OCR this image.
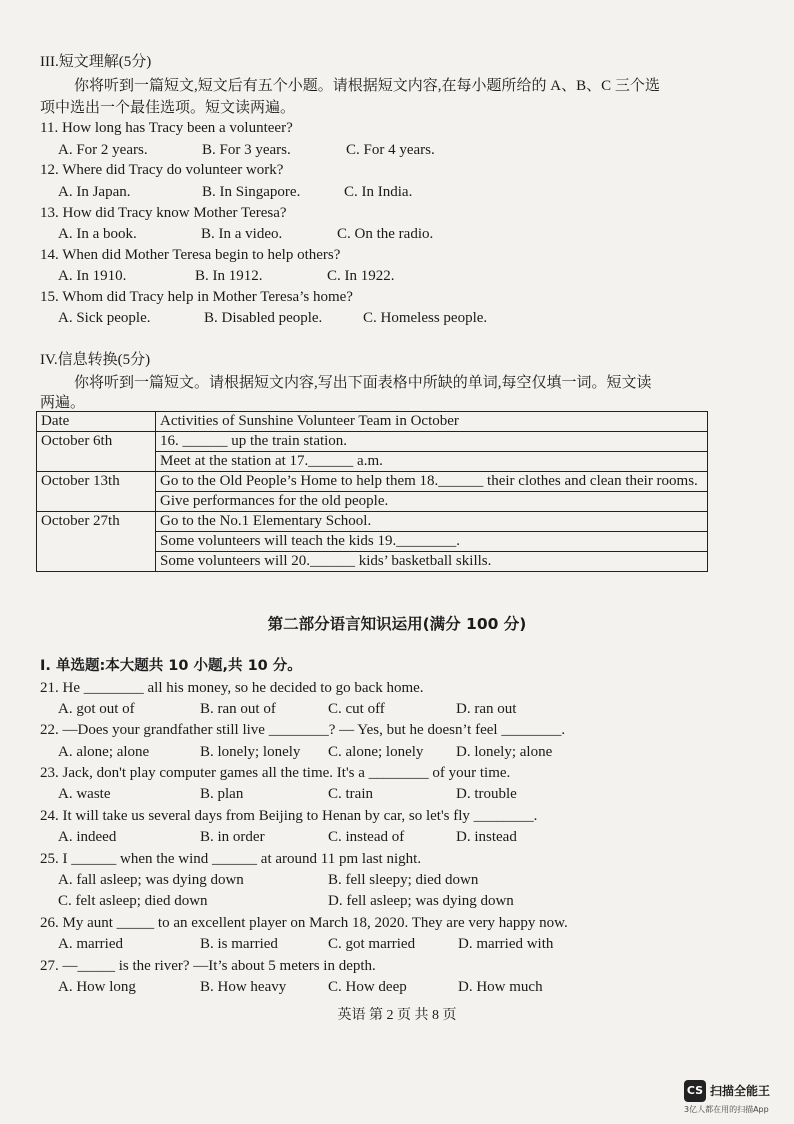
III.短文理解(5分)
你将听到一篇短文,短文后有五个小题。请根据短文内容,在每小题所给的 A、B、C 三个选
项中选出一个最佳选项。短文读两遍。
11. How long has Tracy been a volunteer?
A. For 2 years.	B. For 3 years.	C. For 4 years.
12. Where did Tracy do volunteer work?
A. In Japan.	B. In Singapore.	C. In India.
13. How did Tracy know Mother Teresa?
A. In a book.	B. In a video.	C. On the radio.
14. When did Mother Teresa begin to help others?
A. In 1910.	B. In 1912.	C. In 1922.
15. Whom did Tracy help in Mother Teresa’s home?
A. Sick people.	B. Disabled people.	C. Homeless people.
IV.信息转换(5分)
你将听到一篇短文。请根据短文内容,写出下面表格中所缺的单词,每空仅填一词。短文读
两遍。
Date	Activities of Sunshine Volunteer Team in October
October 6th	16. ______ up the train station.
	Meet at the station at 17.______ a.m.
October 13th	Go to the Old People’s Home to help them 18.______ their clothes and clean their rooms.
	Give performances for the old people.
October 27th	Go to the No.1 Elementary School.
	Some volunteers will teach the kids 19.________.
	Some volunteers will 20.______ kids’ basketball skills.
第二部分语言知识运用(满分 100 分)
I. 单选题:本大题共 10 小题,共 10 分。
21. He ________ all his money, so he decided to go back home.
A. got out of	B. ran out of	C. cut off	D. ran out
22. —Does your grandfather still live ________? — Yes, but he doesn’t feel ________.
A. alone; alone	B. lonely; lonely C. alone; lonely D. lonely; alone
23. Jack, don't play computer games all the time. It's a ________ of your time.
A. waste	B. plan	C. train	D. trouble
24. It will take us several days from Beijing to Henan by car, so let's fly ________.
A. indeed	B. in order	C. instead of	D. instead
25. I ______ when the wind ______ at around 11 pm last night.
A. fall asleep; was dying down	B. fell sleepy; died down
C. felt asleep; died down	D. fell asleep; was dying down
26. My aunt _____ to an excellent player on March 18, 2020. They are very happy now.
A. married	B. is married	C. got married	D. married with
27. —_____ is the river? —It’s about 5 meters in depth.
A. How long	B. How heavy	C. How deep	D. How much
英语 第 2 页 共 8 页
CS 扫描全能王
3亿人都在用的扫描App
